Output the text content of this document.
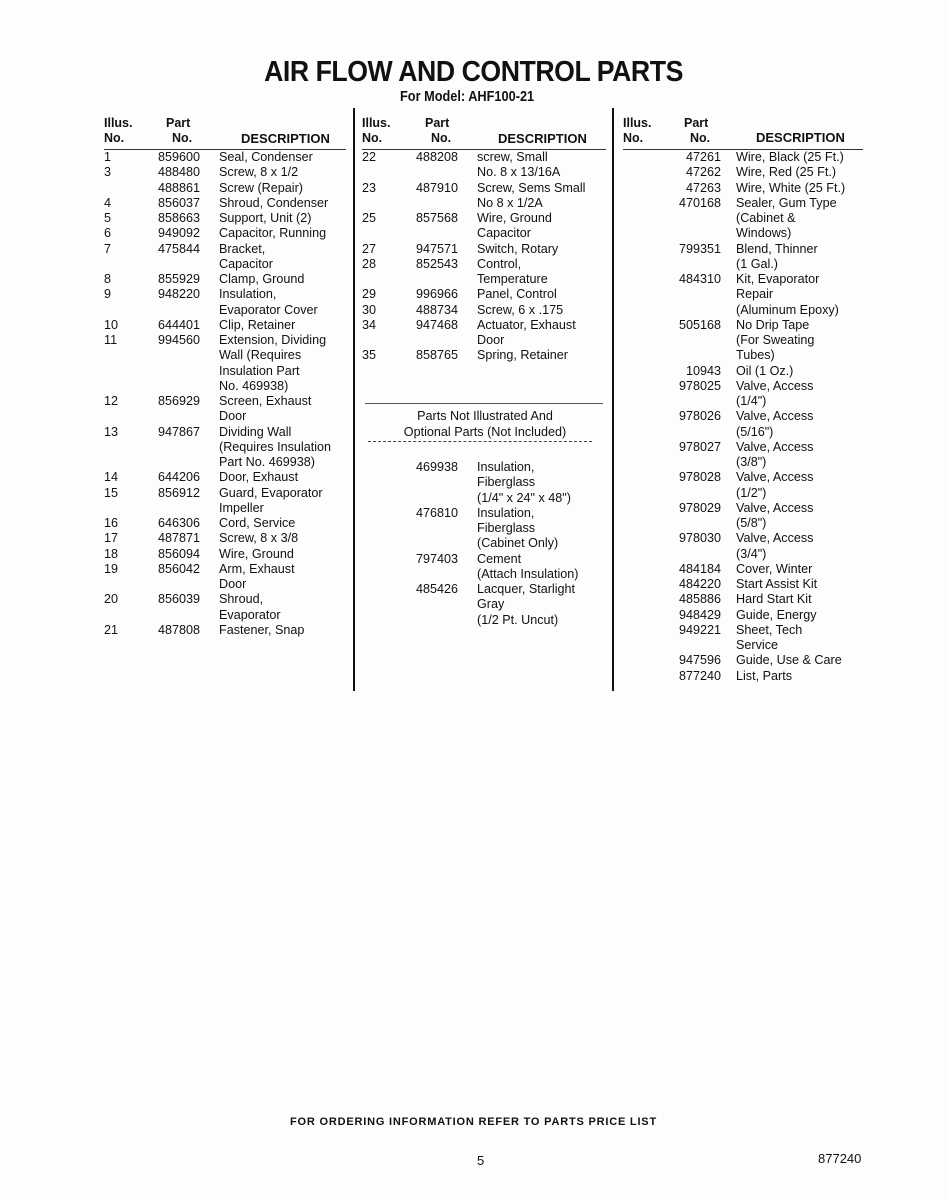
AIR FLOW AND CONTROL PARTS
For Model: AHF100-21
Illus.
No.
Part
No.	DESCRIPTION
Illus.
No.
Part
No.	DESCRIPTION
Illus.
No.
Part
No.	DESCRIPTION
1	859600 Seal, Condenser
3	488480 Screw, 8 x 1/2
488861 Screw (Repair)
4	856037 Shroud, Condenser
5	858663 Support, Unit (2)
6	949092 Capacitor, Running
7	475844 Bracket,
Capacitor
8	855929 Clamp, Ground
9	948220 Insulation,
Evaporator Cover
10	644401 Clip, Retainer
11	994560 Extension, Dividing
Wall (Requires
Insulation Part
No. 469938)
12	856929 Screen, Exhaust
Door
13	947867 Dividing Wall
(Requires Insulation
Part No. 469938)
14	644206 Door, Exhaust
15	856912 Guard, Evaporator
Impeller
16	646306 Cord, Service
17	487871 Screw, 8 x 3/8
18	856094 Wire, Ground
19	856042 Arm, Exhaust
Door
20	856039 Shroud,
Evaporator
21	487808 Fastener, Snap
22	488208 screw, Small
No. 8 x 13/16A
23	487910 Screw, Sems Small
No 8 x 1/2A
25	857568 Wire, Ground
Capacitor
27	947571 Switch, Rotary
28	852543 Control,
Temperature
29	996966 Panel, Control
30	488734 Screw, 6 x .175
34	947468 Actuator, Exhaust
Door
35	858765 Spring, Retainer
47261 Wire, Black (25 Ft.)
47262 Wire, Red (25 Ft.)
47263 Wire, White (25 Ft.)
470168 Sealer, Gum Type
(Cabinet &
Windows)
799351 Blend, Thinner
(1 Gal.)
484310 Kit, Evaporator
Repair
(Aluminum Epoxy)
505168 No Drip Tape
(For Sweating
Tubes)
10943 Oil (1 Oz.)
978025 Valve, Access
(1/4")
978026 Valve, Access
(5/16")
978027 Valve, Access
(3/8")
978028 Valve, Access
(1/2")
978029 Valve, Access
(5/8")
978030 Valve, Access
(3/4")
484184 Cover, Winter
484220 Start Assist Kit
485886 Hard Start Kit
948429 Guide, Energy
949221 Sheet, Tech
Service
947596 Guide, Use & Care
877240 List, Parts
Parts Not Illustrated And
Optional Parts (Not Included)
469938 Insulation,
Fiberglass
(1/4" x 24" x 48")
476810 Insulation,
Fiberglass
(Cabinet Only)
797403 Cement
(Attach Insulation)
485426 Lacquer, Starlight
Gray
(1/2 Pt. Uncut)
FOR ORDERING INFORMATION REFER TO PARTS PRICE LIST
5	877240
